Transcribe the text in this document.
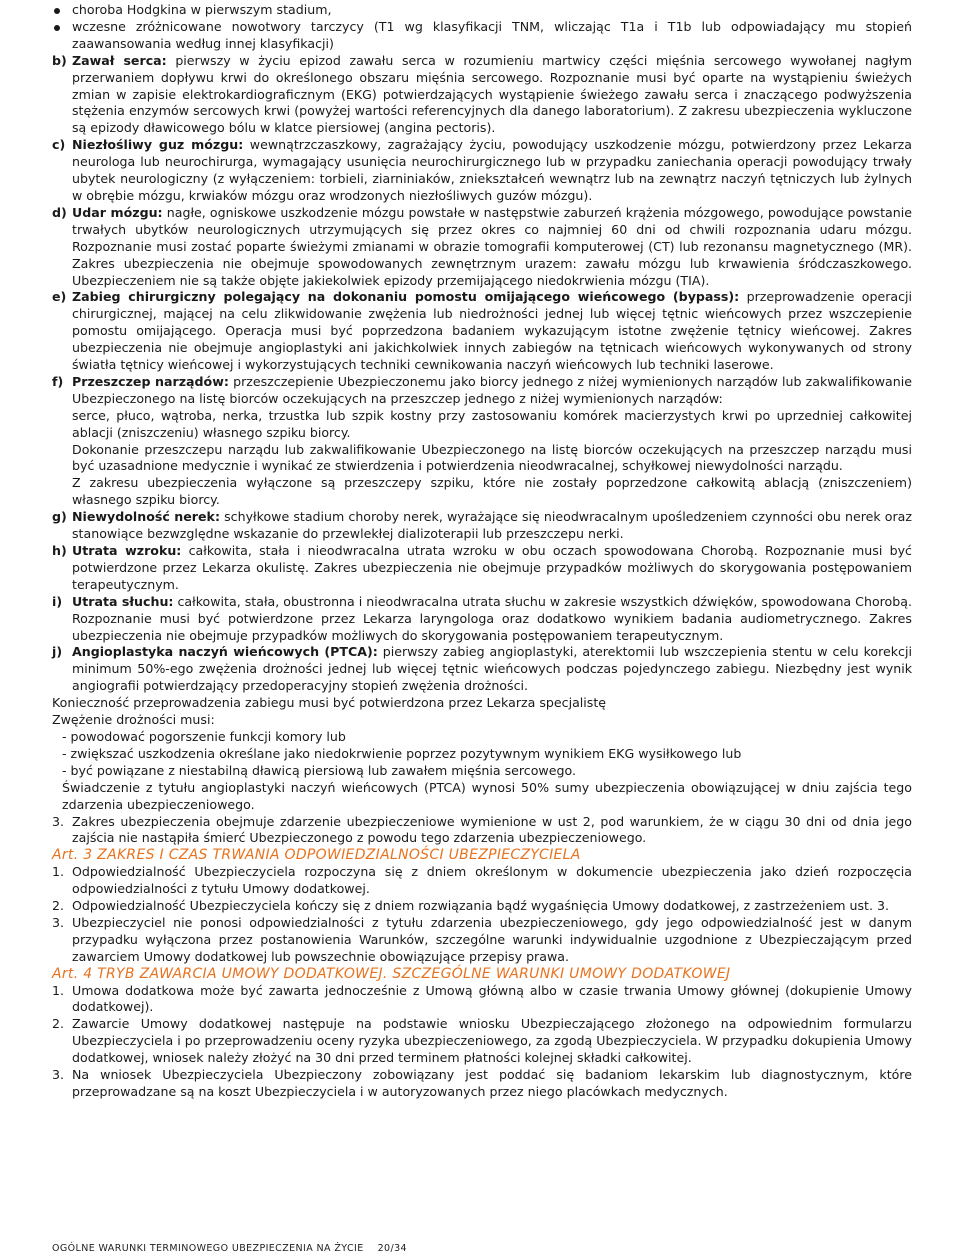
choroba Hodgkina w pierwszym stadium,

wczesne zróżnicowane nowotwory tarczycy (T1 wg klasyfikacji TNM, wliczając T1a i T1b lub odpowiadający mu stopień zaawansowania według innej klasyfikacji)

b) Zawał serca: pierwszy w życiu epizod zawału serca w rozumieniu martwicy części mięśnia sercowego wywołanej nagłym przerwaniem dopływu krwi do określonego obszaru mięśnia sercowego. Rozpoznanie musi być oparte na wystąpieniu świeżych zmian w zapisie elektrokardiograficznym (EKG) potwierdzających wystąpienie świeżego zawału serca i znaczącego podwyższenia stężenia enzymów sercowych krwi (powyżej wartości referencyjnych dla danego laboratorium). Z zakresu ubezpieczenia wykluczone są epizody dławicowego bólu w klatce piersiowej (angina pectoris).

c) Niezłośliwy guz mózgu: wewnątrzczaszkowy, zagrażający życiu, powodujący uszkodzenie mózgu, potwierdzony przez Lekarza neurologa lub neurochirurga, wymagający usunięcia neurochirurgicznego lub w przypadku zaniechania operacji powodujący trwały ubytek neurologiczny (z wyłączeniem: torbieli, ziarniniaków, zniekształceń wewnątrz lub na zewnątrz naczyń tętniczych lub żylnych w obrębie mózgu, krwiaków mózgu oraz wrodzonych niezłośliwych guzów mózgu).

d) Udar mózgu: nagłe, ogniskowe uszkodzenie mózgu powstałe w następstwie zaburzeń krążenia mózgowego, powodujące powstanie trwałych ubytków neurologicznych utrzymujących się przez okres co najmniej 60 dni od chwili rozpoznania udaru mózgu. Rozpoznanie musi zostać poparte świeżymi zmianami w obrazie tomografii komputerowej (CT) lub rezonansu magnetycznego (MR). Zakres ubezpieczenia nie obejmuje spowodowanych zewnętrznym urazem: zawału mózgu lub krwawienia śródczaszkowego. Ubezpieczeniem nie są także objęte jakiekolwiek epizody przemijającego niedokrwienia mózgu (TIA).

e) Zabieg chirurgiczny polegający na dokonaniu pomostu omijającego wieńcowego (bypass): przeprowadzenie operacji chirurgicznej, mającej na celu zlikwidowanie zwężenia lub niedrożności jednej lub więcej tętnic wieńcowych przez wszczepienie pomostu omijającego. Operacja musi być poprzedzona badaniem wykazującym istotne zwężenie tętnicy wieńcowej. Zakres ubezpieczenia nie obejmuje angioplastyki ani jakichkolwiek innych zabiegów na tętnicach wieńcowych wykonywanych od strony światła tętnicy wieńcowej i wykorzystujących techniki cewnikowania naczyń wieńcowych lub techniki laserowe.

f) Przeszczep narządów: przeszczepienie Ubezpieczonemu jako biorcy jednego z niżej wymienionych narządów lub zakwalifikowanie Ubezpieczonego na listę biorców oczekujących na przeszczep jednego z niżej wymienionych narządów:

serce, płuco, wątroba, nerka, trzustka lub szpik kostny przy zastosowaniu komórek macierzystych krwi po uprzedniej całkowitej ablacji (zniszczeniu) własnego szpiku biorcy.

Dokonanie przeszczepu narządu lub zakwalifikowanie Ubezpieczonego na listę biorców oczekujących na przeszczep narządu musi być uzasadnione medycznie i wynikać ze stwierdzenia i potwierdzenia nieodwracalnej, schyłkowej niewydolności narządu.

Z zakresu ubezpieczenia wyłączone są przeszczepy szpiku, które nie zostały poprzedzone całkowitą ablacją (zniszczeniem) własnego szpiku biorcy.

g) Niewydolność nerek: schyłkowe stadium choroby nerek, wyrażające się nieodwracalnym upośledzeniem czynności obu nerek oraz stanowiące bezwzględne wskazanie do przewlekłej dializoterapii lub przeszczepu nerki.

h) Utrata wzroku: całkowita, stała i nieodwracalna utrata wzroku w obu oczach spowodowana Chorobą. Rozpoznanie musi być potwierdzone przez Lekarza okulistę. Zakres ubezpieczenia nie obejmuje przypadków możliwych do skorygowania postępowaniem terapeutycznym.

i) Utrata słuchu: całkowita, stała, obustronna i nieodwracalna utrata słuchu w zakresie wszystkich dźwięków, spowodowana Chorobą. Rozpoznanie musi być potwierdzone przez Lekarza laryngologa oraz dodatkowo wynikiem badania audiometrycznego. Zakres ubezpieczenia nie obejmuje przypadków możliwych do skorygowania postępowaniem terapeutycznym.

j) Angioplastyka naczyń wieńcowych (PTCA): pierwszy zabieg angioplastyki, aterektomii lub wszczepienia stentu w celu korekcji minimum 50%-ego zwężenia drożności jednej lub więcej tętnic wieńcowych podczas pojedynczego zabiegu. Niezbędny jest wynik angiografii potwierdzający przedoperacyjny stopień zwężenia drożności.

Konieczność przeprowadzenia zabiegu musi być potwierdzona przez Lekarza specjalistę

Zwężenie drożności musi:

- powodować pogorszenie funkcji komory lub

- zwiększać uszkodzenia określane jako niedokrwienie poprzez pozytywnym wynikiem EKG wysiłkowego lub

- być powiązane z niestabilną dławicą piersiową lub zawałem mięśnia sercowego.

Świadczenie z tytułu angioplastyki naczyń wieńcowych (PTCA) wynosi 50% sumy ubezpieczenia obowiązującej w dniu zajścia tego zdarzenia ubezpieczeniowego.

3. Zakres ubezpieczenia obejmuje zdarzenie ubezpieczeniowe wymienione w ust 2, pod warunkiem, że w ciągu 30 dni od dnia jego zajścia nie nastąpiła śmierć Ubezpieczonego z powodu tego zdarzenia ubezpieczeniowego.

Art. 3 ZAKRES I CZAS TRWANIA ODPOWIEDZIALNOŚCI UBEZPIECZYCIELA

1. Odpowiedzialność Ubezpieczyciela rozpoczyna się z dniem określonym w dokumencie ubezpieczenia jako dzień rozpoczęcia odpowiedzialności z tytułu Umowy dodatkowej.

2. Odpowiedzialność Ubezpieczyciela kończy się z dniem rozwiązania bądź wygaśnięcia Umowy dodatkowej, z zastrzeżeniem ust. 3.

3. Ubezpieczyciel nie ponosi odpowiedzialności z tytułu zdarzenia ubezpieczeniowego, gdy jego odpowiedzialność jest w danym przypadku wyłączona przez postanowienia Warunków, szczególne warunki indywidualnie uzgodnione z Ubezpieczającym przed zawarciem Umowy dodatkowej lub powszechnie obowiązujące przepisy prawa.

Art. 4 TRYB ZAWARCIA UMOWY DODATKOWEJ. SZCZEGÓLNE WARUNKI UMOWY DODATKOWEJ

1. Umowa dodatkowa może być zawarta jednocześnie z Umową główną albo w czasie trwania Umowy głównej (dokupienie Umowy dodatkowej).

2. Zawarcie Umowy dodatkowej następuje na podstawie wniosku Ubezpieczającego złożonego na odpowiednim formularzu Ubezpieczyciela i po przeprowadzeniu oceny ryzyka ubezpieczeniowego, za zgodą Ubezpieczyciela. W przypadku dokupienia Umowy dodatkowej, wniosek należy złożyć na 30 dni przed terminem płatności kolejnej składki całkowitej.

3. Na wniosek Ubezpieczyciela Ubezpieczony zobowiązany jest poddać się badaniom lekarskim lub diagnostycznym, które przeprowadzane są na koszt Ubezpieczyciela i w autoryzowanych przez niego placówkach medycznych.

OGÓLNE WARUNKI TERMINOWEGO UBEZPIECZENIA NA ŻYCIE 20/34
